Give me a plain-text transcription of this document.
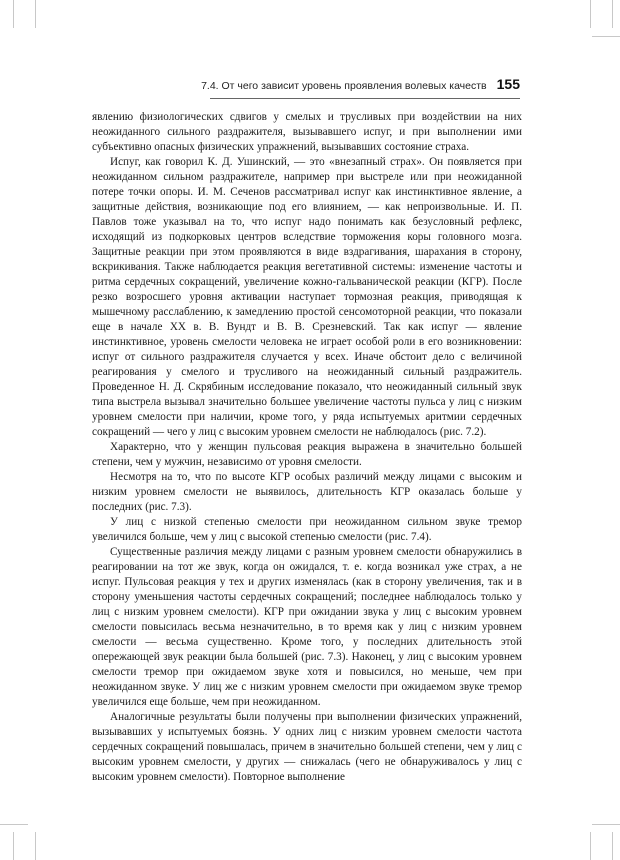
7.4. От чего зависит уровень проявления волевых качеств 155

явлению физиологических сдвигов у смелых и трусливых при воздействии на них неожиданного сильного раздражителя, вызывавшего испуг, и при выполнении ими субъективно опасных физических упражнений, вызывавших состояние страха.

Испуг, как говорил К. Д. Ушинский, — это «внезапный страх». Он появляется при неожиданном сильном раздражителе, например при выстреле или при неожиданной потере точки опоры. И. М. Сеченов рассматривал испуг как инстинктивное явление, а защитные действия, возникающие под его влиянием, — как непроизвольные. И. П. Павлов тоже указывал на то, что испуг надо понимать как безусловный рефлекс, исходящий из подкорковых центров вследствие торможения коры головного мозга. Защитные реакции при этом проявляются в виде вздрагивания, шарахания в сторону, вскрикивания. Также наблюдается реакция вегетативной системы: изменение частоты и ритма сердечных сокращений, увеличение кожно-гальванической реакции (КГР). После резко возросшего уровня активации наступает тормозная реакция, приводящая к мышечному расслаблению, к замедлению простой сенсомоторной реакции, что показали еще в начале XX в. В. Вундт и В. В. Срезневский. Так как испуг — явление инстинктивное, уровень смелости человека не играет особой роли в его возникновении: испуг от сильного раздражителя случается у всех. Иначе обстоит дело с величиной реагирования у смелого и трусливого на неожиданный сильный раздражитель. Проведенное Н. Д. Скрябиным исследование показало, что неожиданный сильный звук типа выстрела вызывал значительно большее увеличение частоты пульса у лиц с низким уровнем смелости при наличии, кроме того, у ряда испытуемых аритмии сердечных сокращений — чего у лиц с высоким уровнем смелости не наблюдалось (рис. 7.2).

Характерно, что у женщин пульсовая реакция выражена в значительно большей степени, чем у мужчин, независимо от уровня смелости.

Несмотря на то, что по высоте КГР особых различий между лицами с высоким и низким уровнем смелости не выявилось, длительность КГР оказалась больше у последних (рис. 7.3).

У лиц с низкой степенью смелости при неожиданном сильном звуке тремор увеличился больше, чем у лиц с высокой степенью смелости (рис. 7.4).

Существенные различия между лицами с разным уровнем смелости обнаружились в реагировании на тот же звук, когда он ожидался, т. е. когда возникал уже страх, а не испуг. Пульсовая реакция у тех и других изменялась (как в сторону увеличения, так и в сторону уменьшения частоты сердечных сокращений; последнее наблюдалось только у лиц с низким уровнем смелости). КГР при ожидании звука у лиц с высоким уровнем смелости повысилась весьма незначительно, в то время как у лиц с низким уровнем смелости — весьма существенно. Кроме того, у последних длительность этой опережающей звук реакции была большей (рис. 7.3). Наконец, у лиц с высоким уровнем смелости тремор при ожидаемом звуке хотя и повысился, но меньше, чем при неожиданном звуке. У лиц же с низким уровнем смелости при ожидаемом звуке тремор увеличился еще больше, чем при неожиданном.

Аналогичные результаты были получены при выполнении физических упражнений, вызывавших у испытуемых боязнь. У одних лиц с низким уровнем смелости частота сердечных сокращений повышалась, причем в значительно большей степени, чем у лиц с высоким уровнем смелости, у других — снижалась (чего не обнаруживалось у лиц с высоким уровнем смелости). Повторное выполнение
